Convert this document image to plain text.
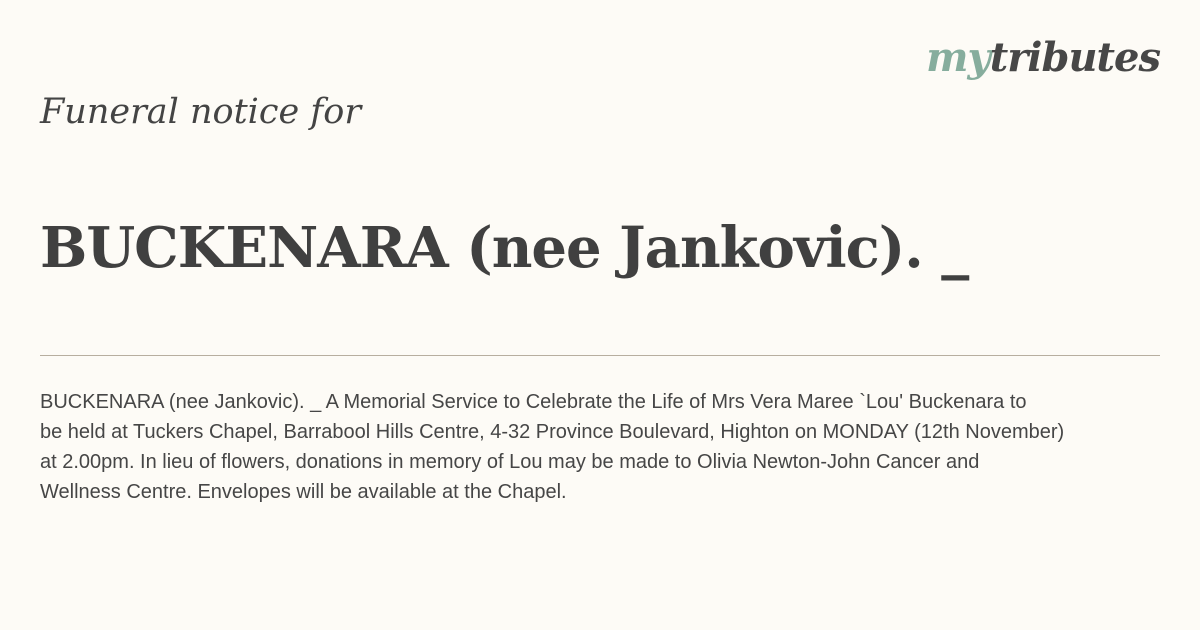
mytributes
Funeral notice for
BUCKENARA (nee Jankovic). _
BUCKENARA (nee Jankovic). _ A Memorial Service to Celebrate the Life of Mrs Vera Maree `Lou' Buckenara to
be held at Tuckers Chapel, Barrabool Hills Centre, 4-32 Province Boulevard, Highton on MONDAY (12th November)
at 2.00pm. In lieu of flowers, donations in memory of Lou may be made to Olivia Newton-John Cancer and
Wellness Centre. Envelopes will be available at the Chapel.
